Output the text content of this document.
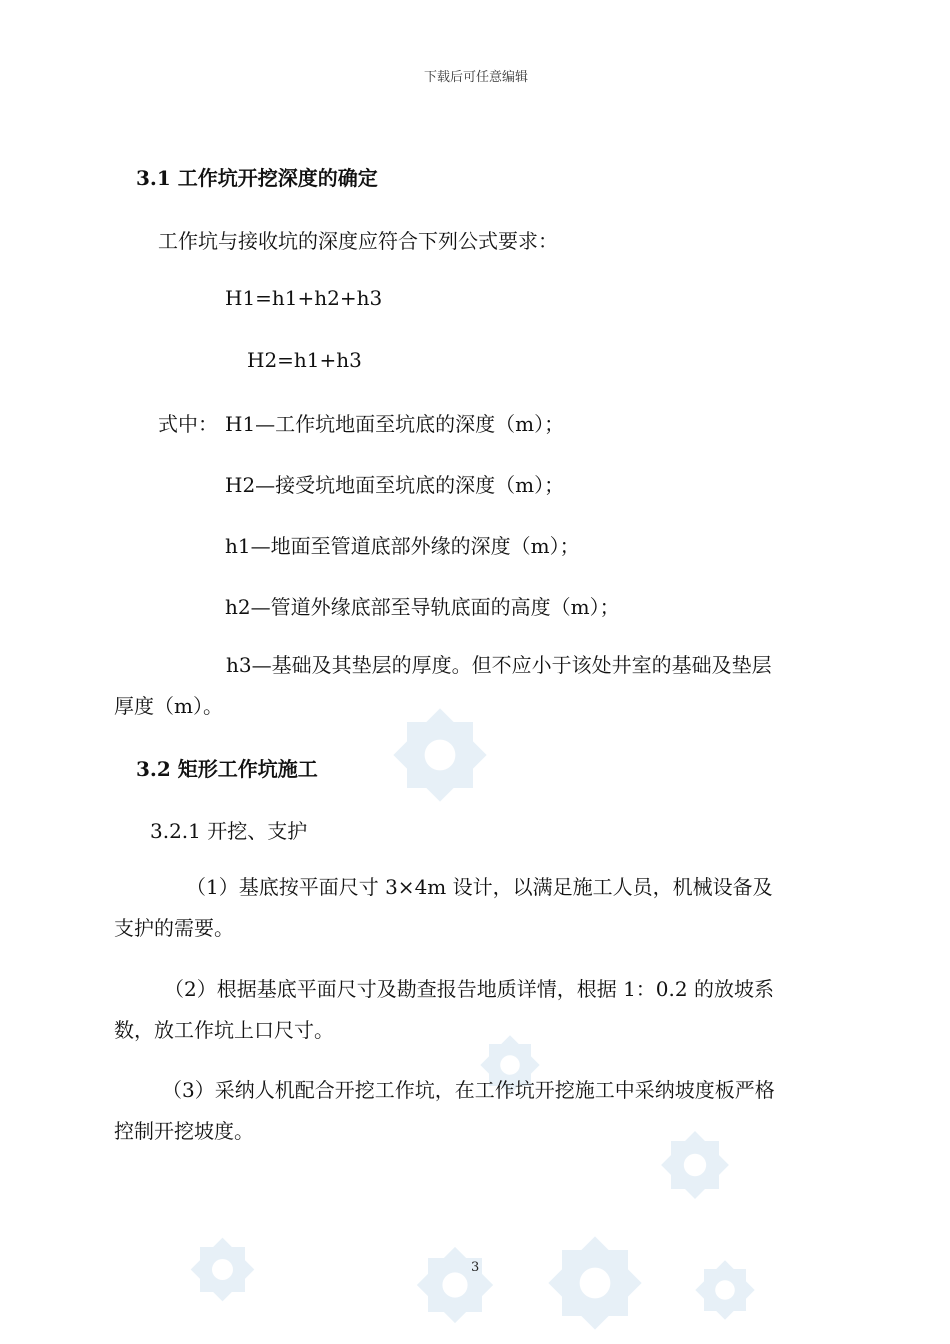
下载后可任意编辑
3.1 工作坑开挖深度的确定
工作坑与接收坑的深度应符合下列公式要求：
H1=h1+h2+h3
H2=h1+h3
式中： H1—工作坑地面至坑底的深度（m）；
H2—接受坑地面至坑底的深度（m）；
h1—地面至管道底部外缘的深度（m）；
h2—管道外缘底部至导轨底面的高度（m）；
h3—基础及其垫层的厚度。但不应小于该处井室的基础及垫层
厚度（m）。
3.2 矩形工作坑施工
3.2.1 开挖、支护
（1）基底按平面尺寸 3×4m 设计，以满足施工人员，机械设备及
支护的需要。
（2）根据基底平面尺寸及勘查报告地质详情，根据 1：0.2 的放坡系
数，放工作坑上口尺寸。
（3）采纳人机配合开挖工作坑，在工作坑开挖施工中采纳坡度板严格
控制开挖坡度。
3
